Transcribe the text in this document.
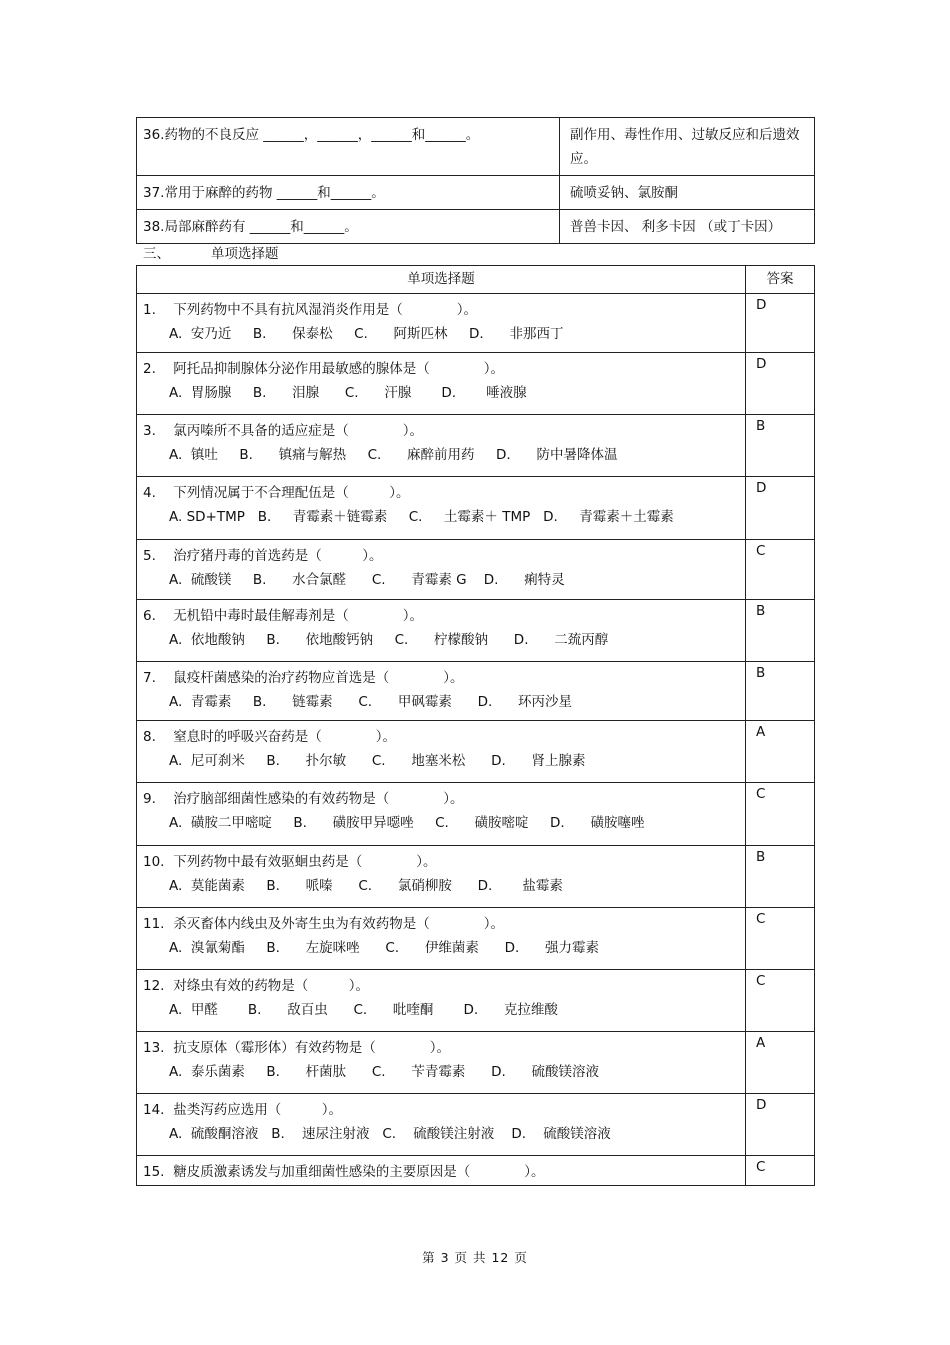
36.药物的不良反应 ______，______，______和______。	副作用、毒性作用、过敏反应和后遗效应。
37.常用于麻醉的药物 ______和______。	硫喷妥钠、氯胺酮
38.局部麻醉药有 ______和______。	普兽卡因、 利多卡因 （或丁卡因）
三、	单项选择题
单项选择题	答案

1. 下列药物中不具有抗风湿消炎作用是（　　　　）。
A.  安乃近     B.      保泰松     C.      阿斯匹林     D.      非那西丁	D

2. 阿托品抑制腺体分泌作用最敏感的腺体是（　　　　）。
A.  胃肠腺     B.      泪腺      C.      汗腺       D.       唾液腺	D

3. 氯丙嗪所不具备的适应症是（　　　　）。
A.  镇吐     B.      镇痛与解热     C.      麻醉前用药     D.      防中暑降体温	B

4. 下列情况属于不合理配伍是（　　　）。
A. SD+TMP   B.     青霉素＋链霉素     C.     土霉素＋ TMP   D.     青霉素＋土霉素	D

5. 治疗猪丹毒的首选药是（　　　）。
A.  硫酸镁     B.      水合氯醛      C.      青霉素 G    D.      痢特灵	C

6. 无机铅中毒时最佳解毒剂是（　　　　）。
A.  依地酸钠     B.      依地酸钙钠     C.      柠檬酸钠      D.      二巯丙醇	B

7. 鼠疫杆菌感染的治疗药物应首选是（　　　　）。
A.  青霉素     B.      链霉素      C.      甲砜霉素      D.      环丙沙星	B

8. 窒息时的呼吸兴奋药是（　　　　）。
A.  尼可刹米     B.      扑尔敏      C.      地塞米松      D.      肾上腺素	A

9. 治疗脑部细菌性感染的有效药物是（　　　　）。
A.  磺胺二甲嘧啶     B.      磺胺甲异噁唑     C.      磺胺嘧啶     D.      磺胺噻唑	C

10. 下列药物中最有效驱蛔虫药是（　　　　）。
A.  莫能菌素     B.      哌嗪      C.      氯硝柳胺      D.       盐霉素	B

11. 杀灭畜体内线虫及外寄生虫为有效药物是（　　　　）。
A.  溴氰菊酯     B.      左旋咪唑      C.      伊维菌素      D.      强力霉素	C

12. 对绦虫有效的药物是（　　　）。
A.  甲醛       B.      敌百虫      C.      吡喹酮       D.      克拉维酸	C

13. 抗支原体（霉形体）有效药物是（　　　　）。
A.  泰乐菌素     B.      杆菌肽      C.      苄青霉素      D.      硫酸镁溶液	A

14. 盐类泻药应选用（　　　）。
A.  硫酸酮溶液   B.    速尿注射液   C.    硫酸镁注射液    D.    硫酸镁溶液	D

15. 糖皮质激素诱发与加重细菌性感染的主要原因是（　　　　）。	C
第 3 页 共 12 页
